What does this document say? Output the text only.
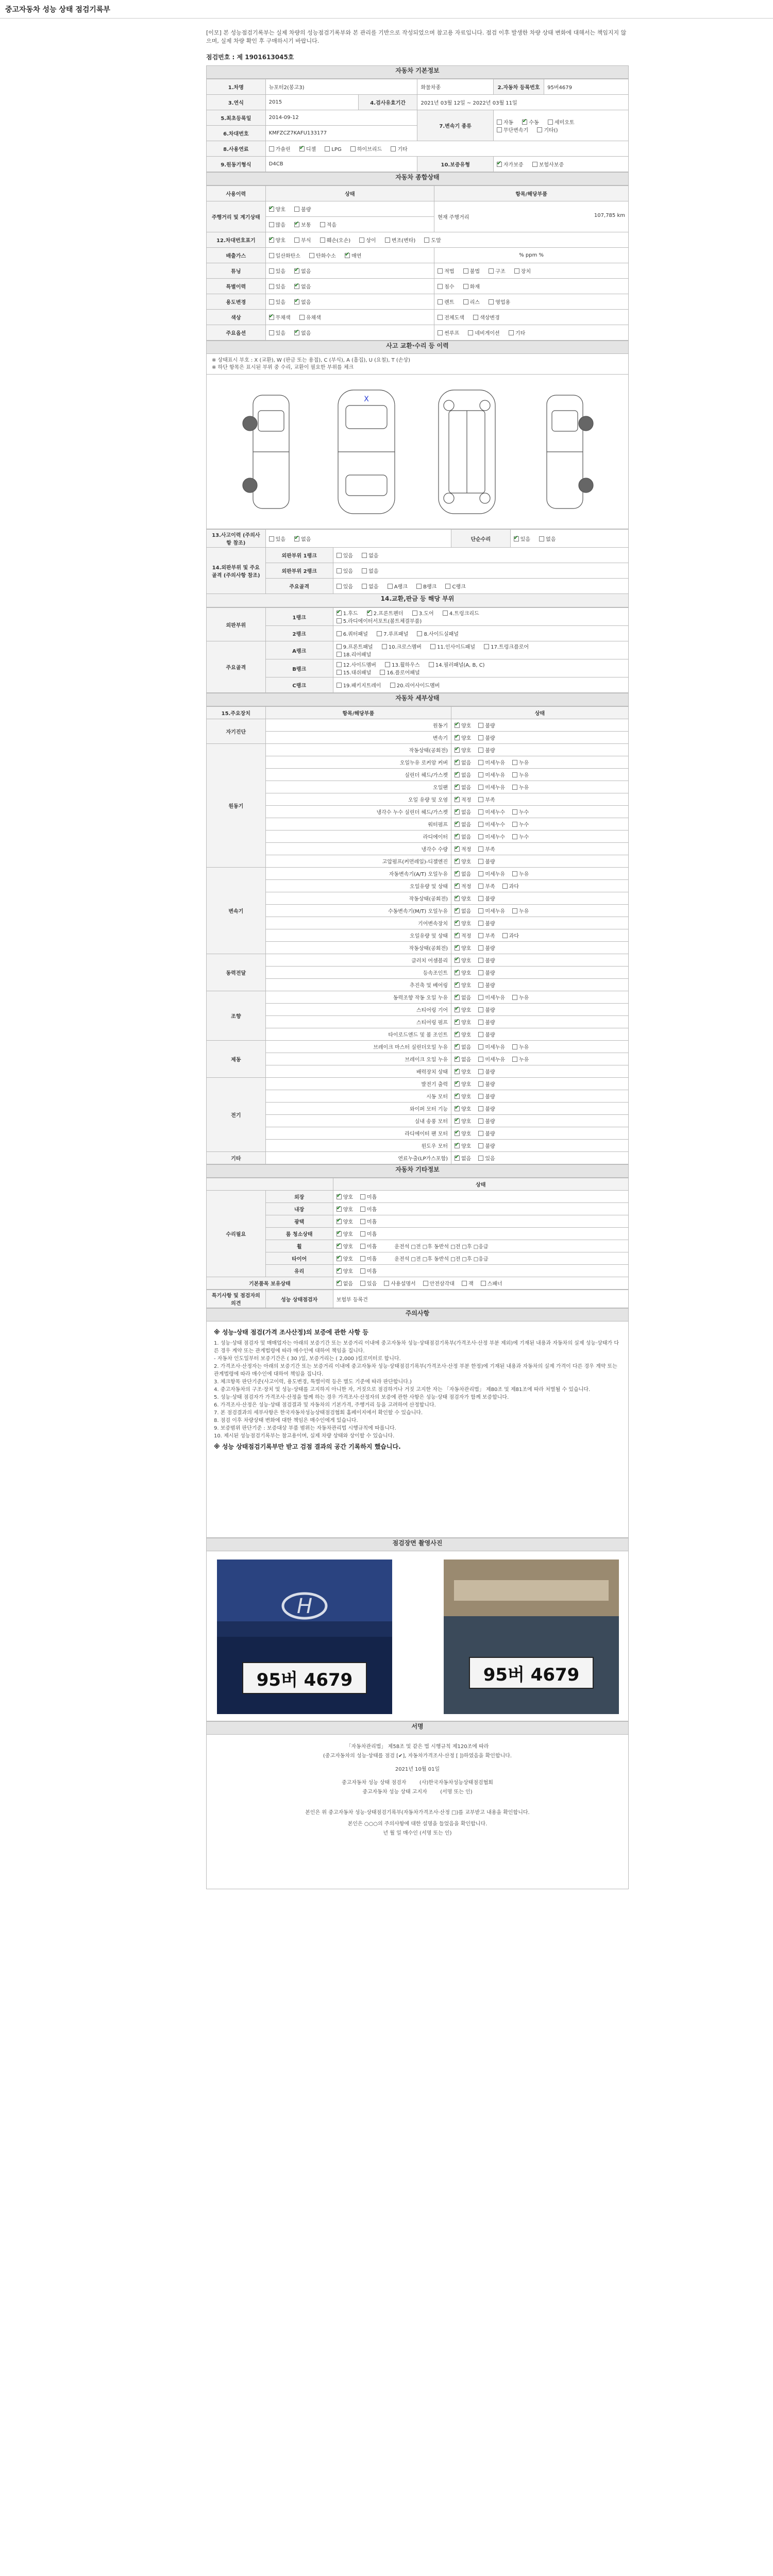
중고자동차 성능 상태 점검기록부

[이모] 본 성능점검기록부는 실제 차량의 성능점검기록부와 본 관리를 기반으로 작성되었으며 참고용 자료입니다. 점검 이후 발생한 차량 상태 변화에 대해서는 책임지지 않으며, 실제 차량 확인 후 구매하시기 바랍니다.

점검번호 : 제 1901613045호

자동차 기본정보
1.차명	뉴포터2(봉고3)		화물차종	2.자동차 등록번호	95버4679
3.연식	2015	4.검사유효기간	2021년 03월 12일 ~ 2022년 03월 11일		
5.최초등록일	2014-09-12		7.변속기 종류	자동 ✔ 수동 세미오토
무단변속기 기타()
6.차대번호	KMFZCZ7KAFU133177				
8.사용연료	가솔린 ✔ 디젤 LPG 하이브리드 기타
9.원동기형식	D4CB		10.보증유형	✔자가보증 보험사보증
자동차 종합상태
사용이력	상태	항목/해당부품
주행거리 및 계기상태	✔양호 불량	현재 주행거리 107,785 km

	많음 ✔ 보통 적음
12.차대번호표기	✔양호 부식 훼손(오손) 상이 변조(변타) 도말
배출가스	일산화탄소 탄화수소 ✔ 매연	% ppm %
튜닝	있음 ✔ 없음	적법 불법 구조 장치
특별이력	있음 ✔ 없음	침수 화재
용도변경	있음 ✔ 없음	렌트 리스 영업용
색상	✔무채색 유채색	전체도색 색상변경
주요옵션	있음 ✔ 없음	썬루프 네비게이션 기타
사고 교환·수리 등 이력
※ 상태표시 부호 : X (교환), W (판금 또는 용접), C (부식), A (흠집), U (요철), T (손상)
※ 하단 항목은 표시된 부위 중 수리, 교환이 필요한 부위를 체크
X
13.사고이력 (주의사항 참조)	있음 ✔ 없음		단순수리	✔있음 없음
14.외판부위 및 주요골격 (주의사항 참조)	외판부위 1랭크	있음 없음		
	외판부위 2랭크	있음 없음		
	주요골격	있음 없음 A랭크 B랭크 C랭크		
14.교환,판금 등 해당 부위
외판부위	1랭크	✔1.후드 ✔ 2.프론트펜더 3.도어 4.트렁크리드
5.라디에이터서포트(볼트체결부품)
	2랭크	6.쿼터패널 7.루프패널 8.사이드실패널
주요골격	A랭크	9.프론트패널 10.크로스멤버 11.인사이드패널 17.트렁크플로어
18.리어패널
	B랭크	12.사이드멤버 13.휠하우스 14.필러패널(A, B, C)
15.대쉬패널 16.플로어패널
	C랭크	19.패키지트레이 20.리어사이드멤버
자동차 세부상태
15.주요장치	항목/해당부품	상태
자기진단	원동기	✔양호 불량
	변속기	✔양호 불량
원동기	작동상태(공회전)	✔양호 불량
	오일누유 로커암 커버	✔없음 미세누유 누유
	실린더 헤드/가스켓	✔없음 미세누유 누유
	오일팬	✔없음 미세누유 누유
	오일 유량 및 오염	✔적정 부족
	냉각수 누수 실린더 헤드/가스켓	✔없음 미세누수 누수
	워터펌프	✔없음 미세누수 누수
	라디에이터	✔없음 미세누수 누수
	냉각수 수량	✔적정 부족
	고압펌프(커먼레일)-디젤엔진	✔양호 불량
변속기	자동변속기(A/T) 오일누유	✔없음 미세누유 누유
	오일유량 및 상태	✔적정 부족 과다
	작동상태(공회전)	✔양호 불량
	수동변속기(M/T) 오일누유	✔없음 미세누유 누유
	기어변속장치	✔양호 불량
	오일유량 및 상태	✔적정 부족 과다
	작동상태(공회전)	✔양호 불량
동력전달	클러치 어셈블리	✔양호 불량
	등속조인트	✔양호 불량
	추진축 및 베어링	✔양호 불량
조향	동력조향 작동 오일 누유	✔없음 미세누유 누유
	스티어링 기어	✔양호 불량
	스티어링 펌프	✔양호 불량
	타이로드엔드 및 볼 조인트	✔양호 불량
제동	브레이크 마스터 실린더오일 누유	✔없음 미세누유 누유
	브레이크 오일 누유	✔없음 미세누유 누유
	배력장치 상태	✔양호 불량
전기	발전기 출력	✔양호 불량
	시동 모터	✔양호 불량
	와이퍼 모터 기능	✔양호 불량
	실내 송풍 모터	✔양호 불량
	라디에이터 팬 모터	✔양호 불량
	윈도우 모터	✔양호 불량
기타	연료누출(LP가스포함)	✔없음 있음
자동차 기타정보
		상태
수리필요	외장	✔양호 미흡
	내장	✔양호 미흡
	광택	✔양호 미흡
	룸 청소상태	✔양호 미흡
	휠	✔양호 미흡 운전석 □전 □후 동반석 □전 □후 □응급
	타이어	✔양호 미흡 운전석 □전 □후 동반석 □전 □후 □응급
	유리	✔양호 미흡
기본품목 보유상태	✔없음 있음 사용설명서 안전삼각대 잭 스패너
특기사항 및 점검자의 의견	성능 상태점검자	보험부 등록건
주의사항
※ 성능·상태 점검(가격 조사산정)의 보증에 관한 사항 등
1. 성능·상태 점검자 및 매매업자는 아래의 보증기간 또는 보증거리 이내에 중고자동차 성능·상태점검기록부(가격조사·산정 부분 제외)에 기재된 내용과 자동차의 실제 성능·상태가 다른 경우 계약 또는 관계법령에 따라 매수인에 대하여 책임을 집니다.
- 자동차 인도일부터 보증기간은 ( 30 )일, 보증거리는 ( 2,000 )킬로미터로 합니다.
2. 가격조사·산정자는 아래의 보증기간 또는 보증거리 이내에 중고자동차 성능·상태점검기록부(가격조사·산정 부분 한정)에 기재된 내용과 자동차의 실제 가격이 다른 경우 계약 또는 관계법령에 따라 매수인에 대하여 책임을 집니다.
3. 체크항목 판단기준(사고이력, 용도변경, 특별이력 등은 별도 기준에 따라 판단합니다.)
4. 중고자동차의 구조·장치 및 성능·상태를 고지하지 아니한 자, 거짓으로 점검하거나 거짓 고지한 자는 「자동차관리법」 제80조 및 제81조에 따라 처벌될 수 있습니다.
5. 성능·상태 점검자가 가격조사·산정을 함께 하는 경우 가격조사·산정자의 보증에 관한 사항은 성능·상태 점검자가 함께 보증합니다.
6. 가격조사·산정은 성능·상태 점검결과 및 자동차의 기본가격, 주행거리 등을 고려하여 산정합니다.
7. 본 점검결과의 세부사항은 한국자동차성능상태점검협회 홈페이지에서 확인할 수 있습니다.
8. 점검 이후 차량상태 변화에 대한 책임은 매수인에게 있습니다.
9. 보증범위 판단기준 : 보증대상 부품 범위는 자동차관리법 시행규칙에 따릅니다.
10. 제시된 성능점검기록부는 참고용이며, 실제 차량 상태와 상이할 수 있습니다.
※ 성능 상태점검기록부만 받고 검점 결과의 공간 기록하지 했습니다.
점검장면 촬영사진
H
95버 4679	95버 4679
서명
「자동차관리법」 제58조 및 같은 법 시행규칙 제120조에 따라
(중고자동차의 성능·상태를 점검 [✔], 자동차가격조사·산정 [ ])하였음을 확인합니다.
2021년 10월 01일
중고자동차 성능 상태 점검자	(사)한국자동차성능상태점검협회
중고자동차 성능 상태 고지자	(서명 또는 인)
본인은 위 중고자동차 성능·상태점검기록부(자동차가격조사·산정 □)를 교부받고 내용을 확인합니다.
본인은 ○○○의 주의사항에 대한 설명을 들었음을 확인합니다.
년 월 일 매수인 (서명 또는 인)
